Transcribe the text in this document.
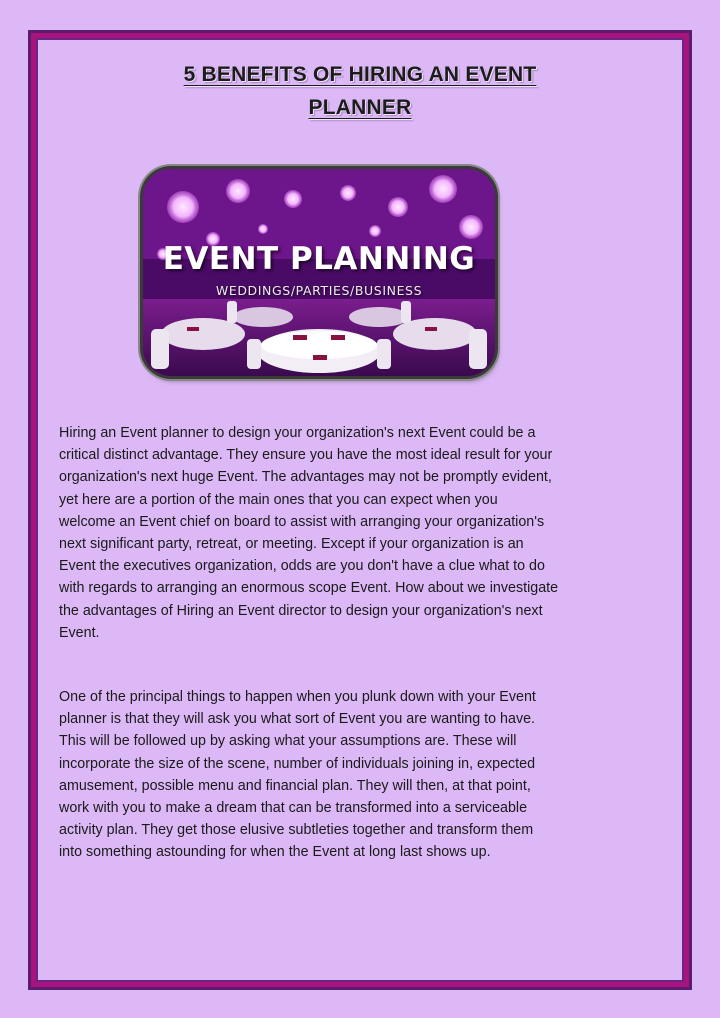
5 BENEFITS OF HIRING AN EVENT
PLANNER
EVENT PLANNING
WEDDINGS/PARTIES/BUSINESS

Hiring an Event planner to design your organization's next Event could be a
critical distinct advantage. They ensure you have the most ideal result for your
organization's next huge Event. The advantages may not be promptly evident,
yet here are a portion of the main ones that you can expect when you
welcome an Event chief on board to assist with arranging your organization's
next significant party, retreat, or meeting. Except if your organization is an
Event the executives organization, odds are you don't have a clue what to do
with regards to arranging an enormous scope Event. How about we investigate
the advantages of Hiring an Event director to design your organization's next
Event.

One of the principal things to happen when you plunk down with your Event
planner is that they will ask you what sort of Event you are wanting to have.
This will be followed up by asking what your assumptions are. These will
incorporate the size of the scene, number of individuals joining in, expected
amusement, possible menu and financial plan. They will then, at that point,
work with you to make a dream that can be transformed into a serviceable
activity plan. They get those elusive subtleties together and transform them
into something astounding for when the Event at long last shows up.
